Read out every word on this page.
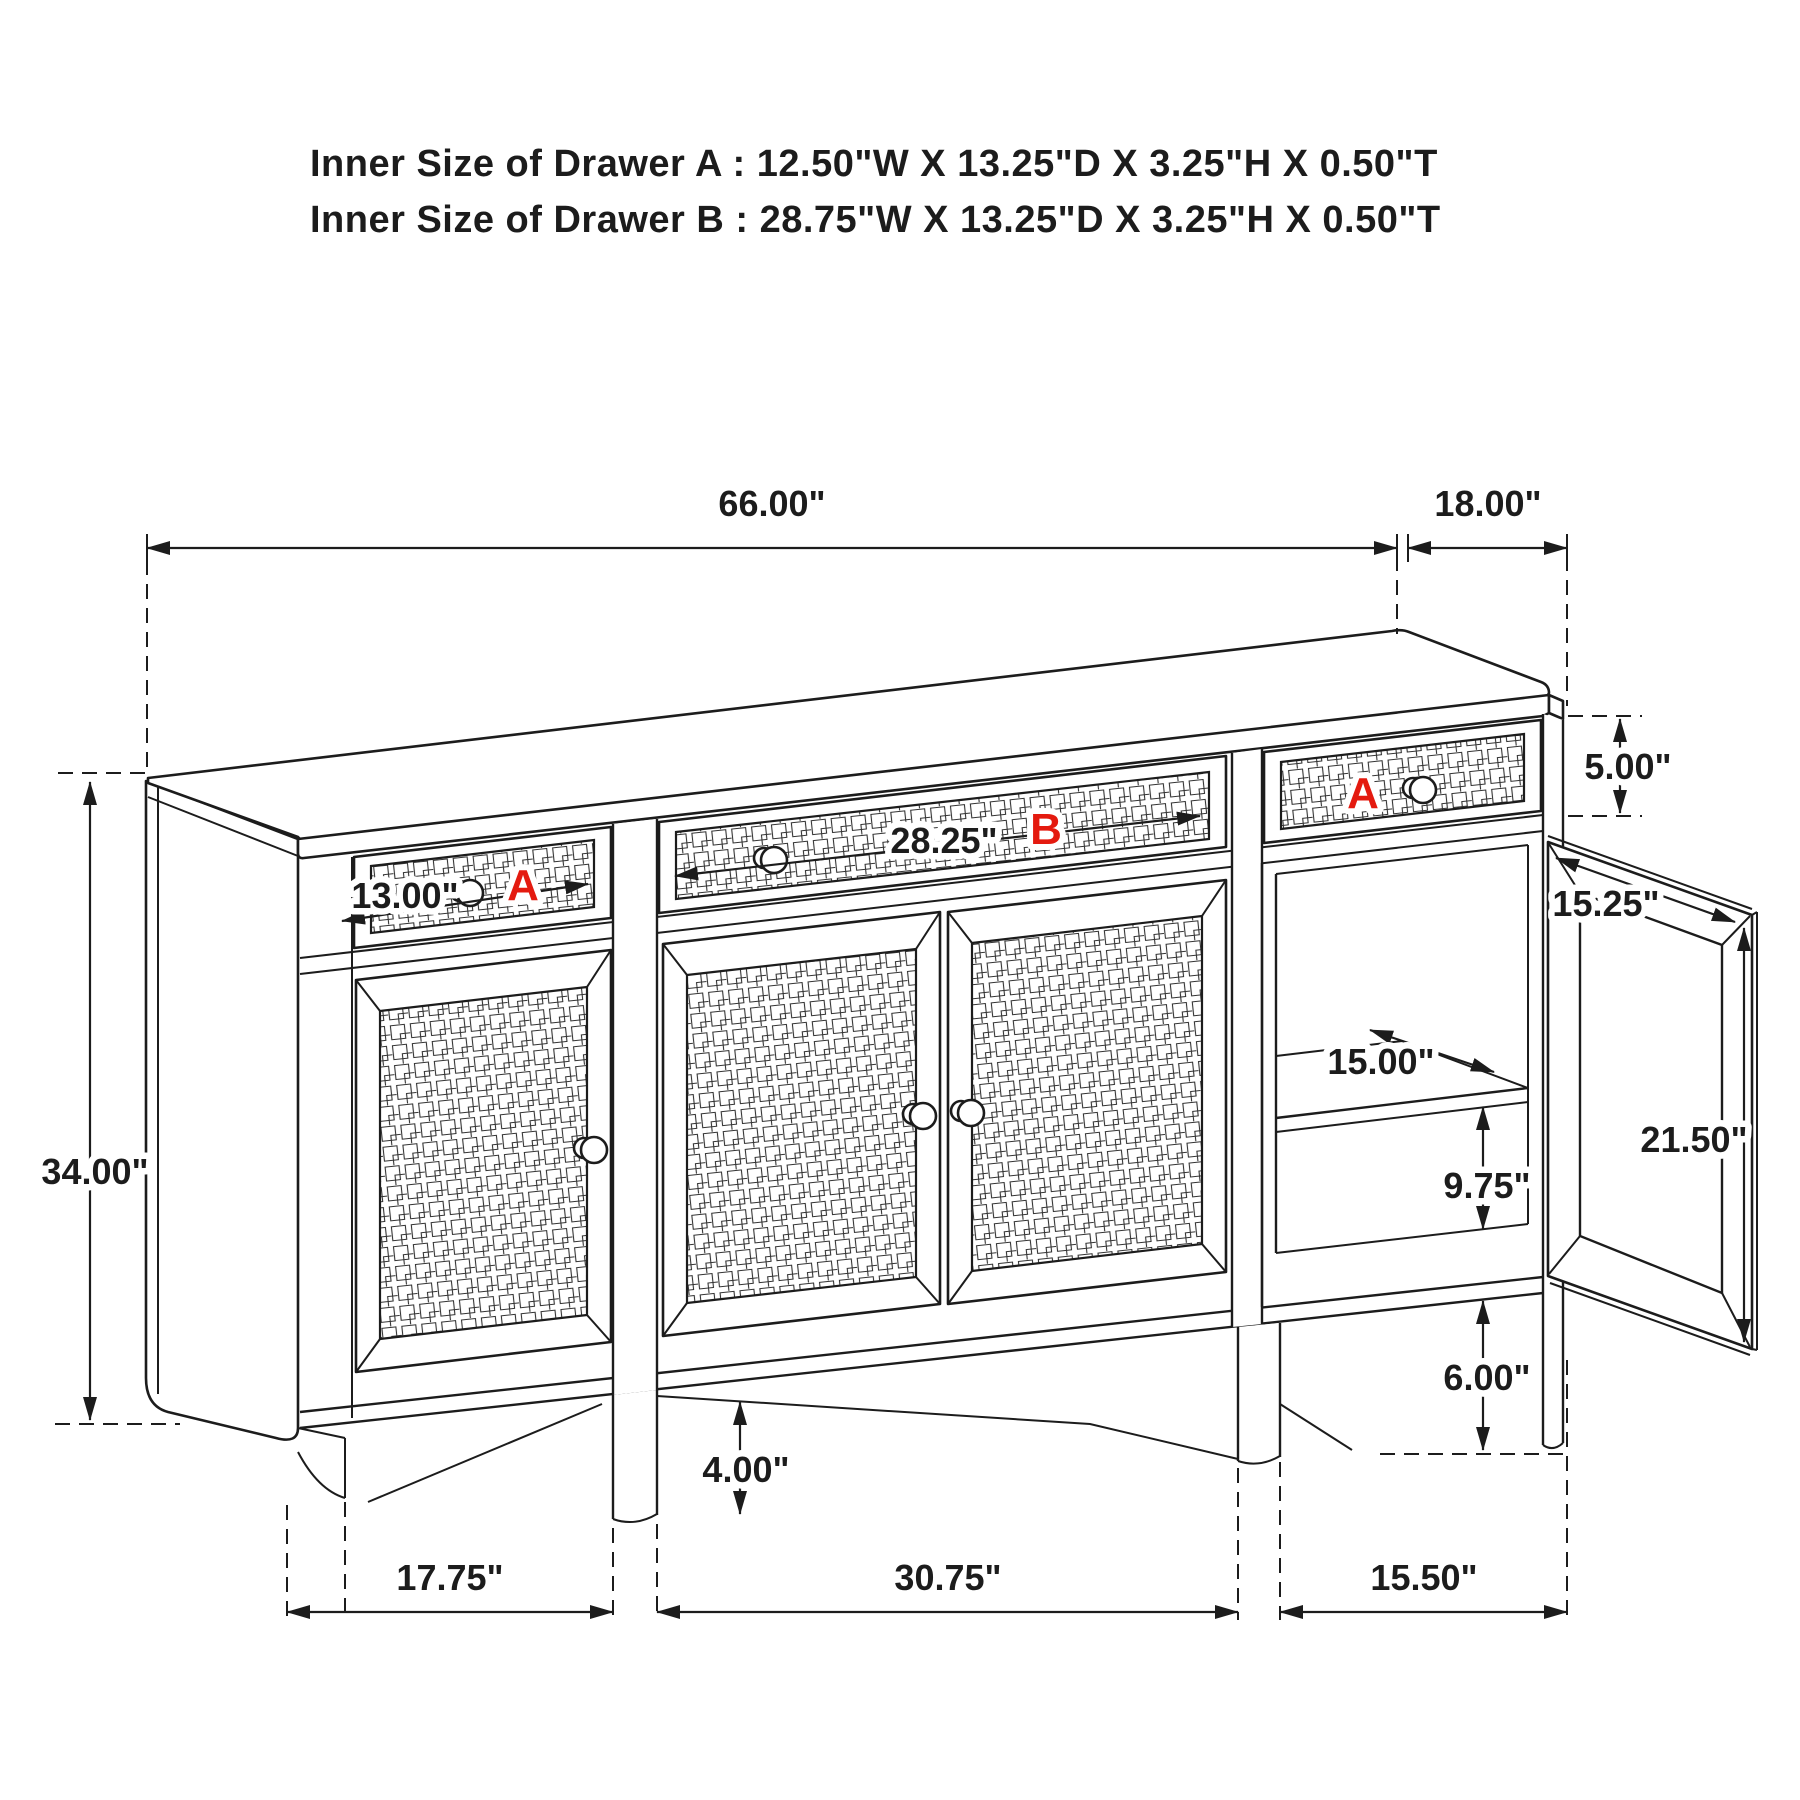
Inner Size of Drawer A : 12.50"W X 13.25"D X 3.25"H X 0.50"T
Inner Size of Drawer B : 28.75"W X 13.25"D X 3.25"H X 0.50"T
66.00"	18.00"
34.00"
5.00"
13.00" A
28.25" B
A
15.25"
21.50"
15.00"
9.75"
6.00"
4.00"
17.75"	30.75"	15.50"
